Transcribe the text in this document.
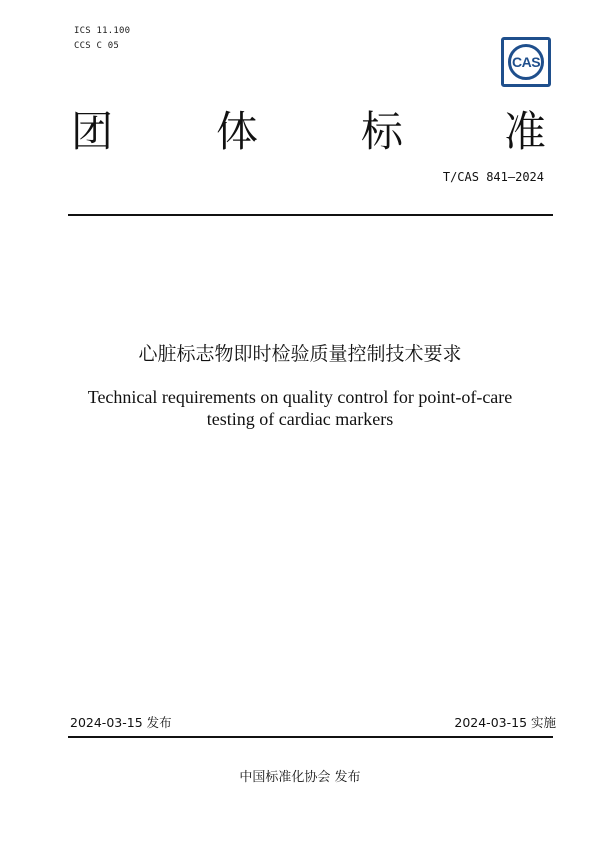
ICS 11.100
CCS C 05
CAS
团 体 标 准
T/CAS 841—2024
心脏标志物即时检验质量控制技术要求
Technical requirements on quality control for point-of-care
testing of cardiac markers
2024-03-15 发布	2024-03-15 实施
中国标准化协会 发布
